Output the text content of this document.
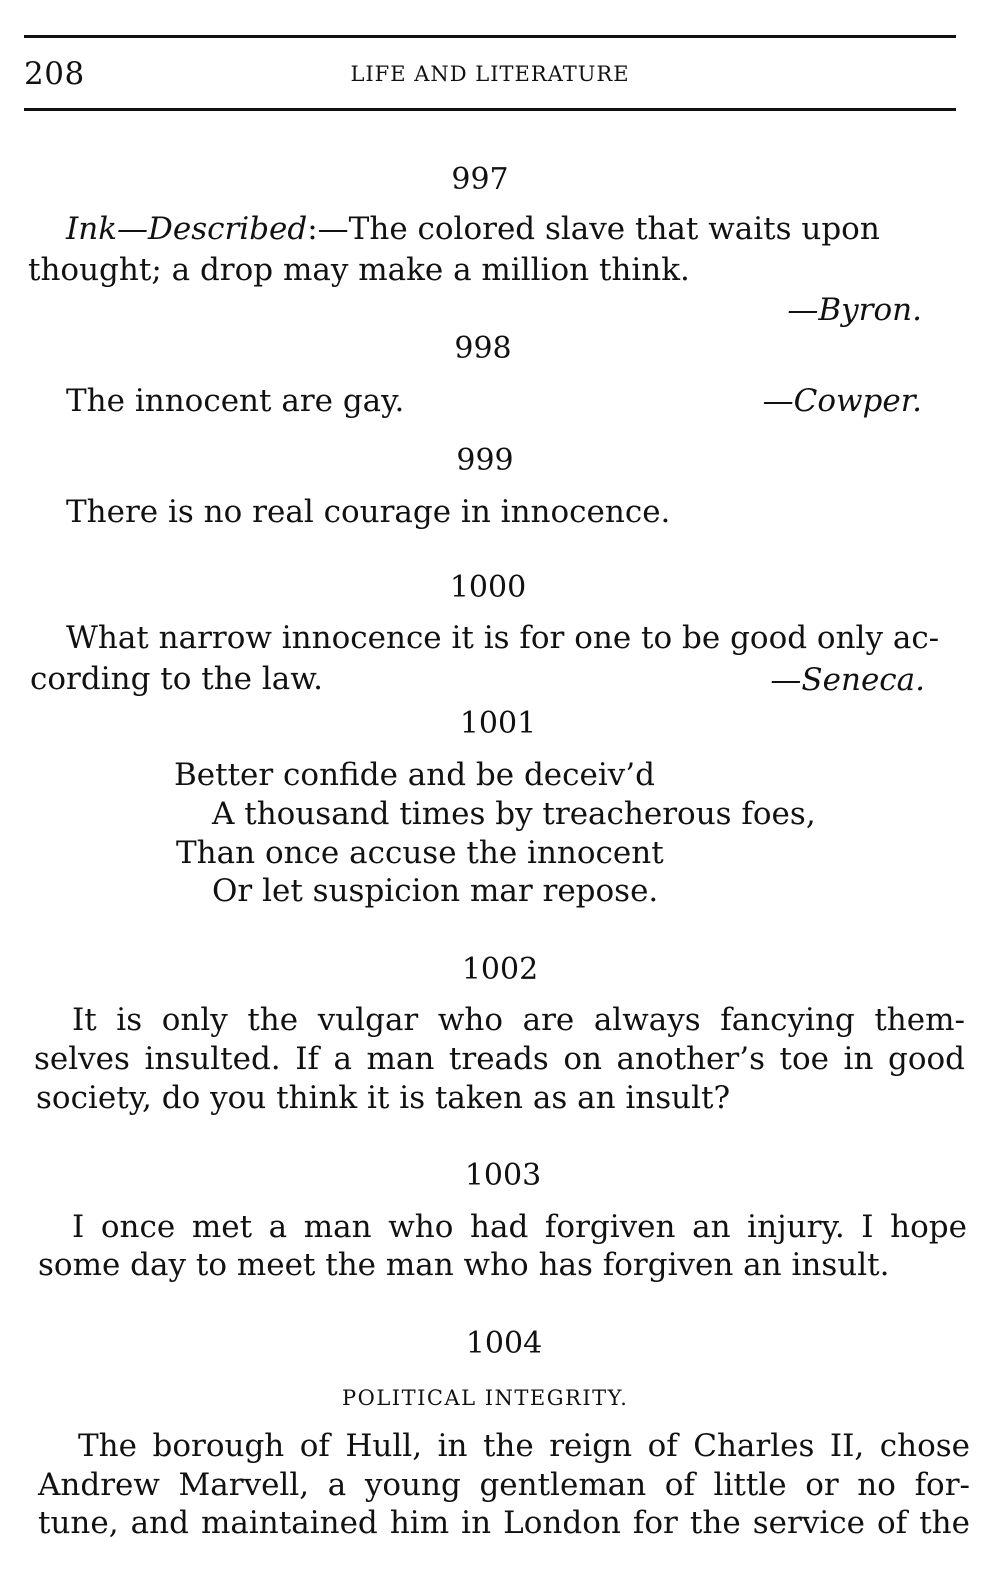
208	LIFE AND LITERATURE
997
Ink—Described:—The colored slave that waits upon
thought; a drop may make a million think.
—Byron.
998
The innocent are gay.	—Cowper.
999
There is no real courage in innocence.
1000
What narrow innocence it is for one to be good only ac-
cording to the law.	—Seneca.
1001
Better confide and be deceiv’d
A thousand times by treacherous foes,
Than once accuse the innocent
Or let suspicion mar repose.
1002
It is only the vulgar who are always fancying them-
selves insulted. If a man treads on another’s toe in good
society, do you think it is taken as an insult?
1003
I once met a man who had forgiven an injury. I hope
some day to meet the man who has forgiven an insult.
1004
POLITICAL INTEGRITY.
The borough of Hull, in the reign of Charles II, chose
Andrew Marvell, a young gentleman of little or no for-
tune, and maintained him in London for the service of the
